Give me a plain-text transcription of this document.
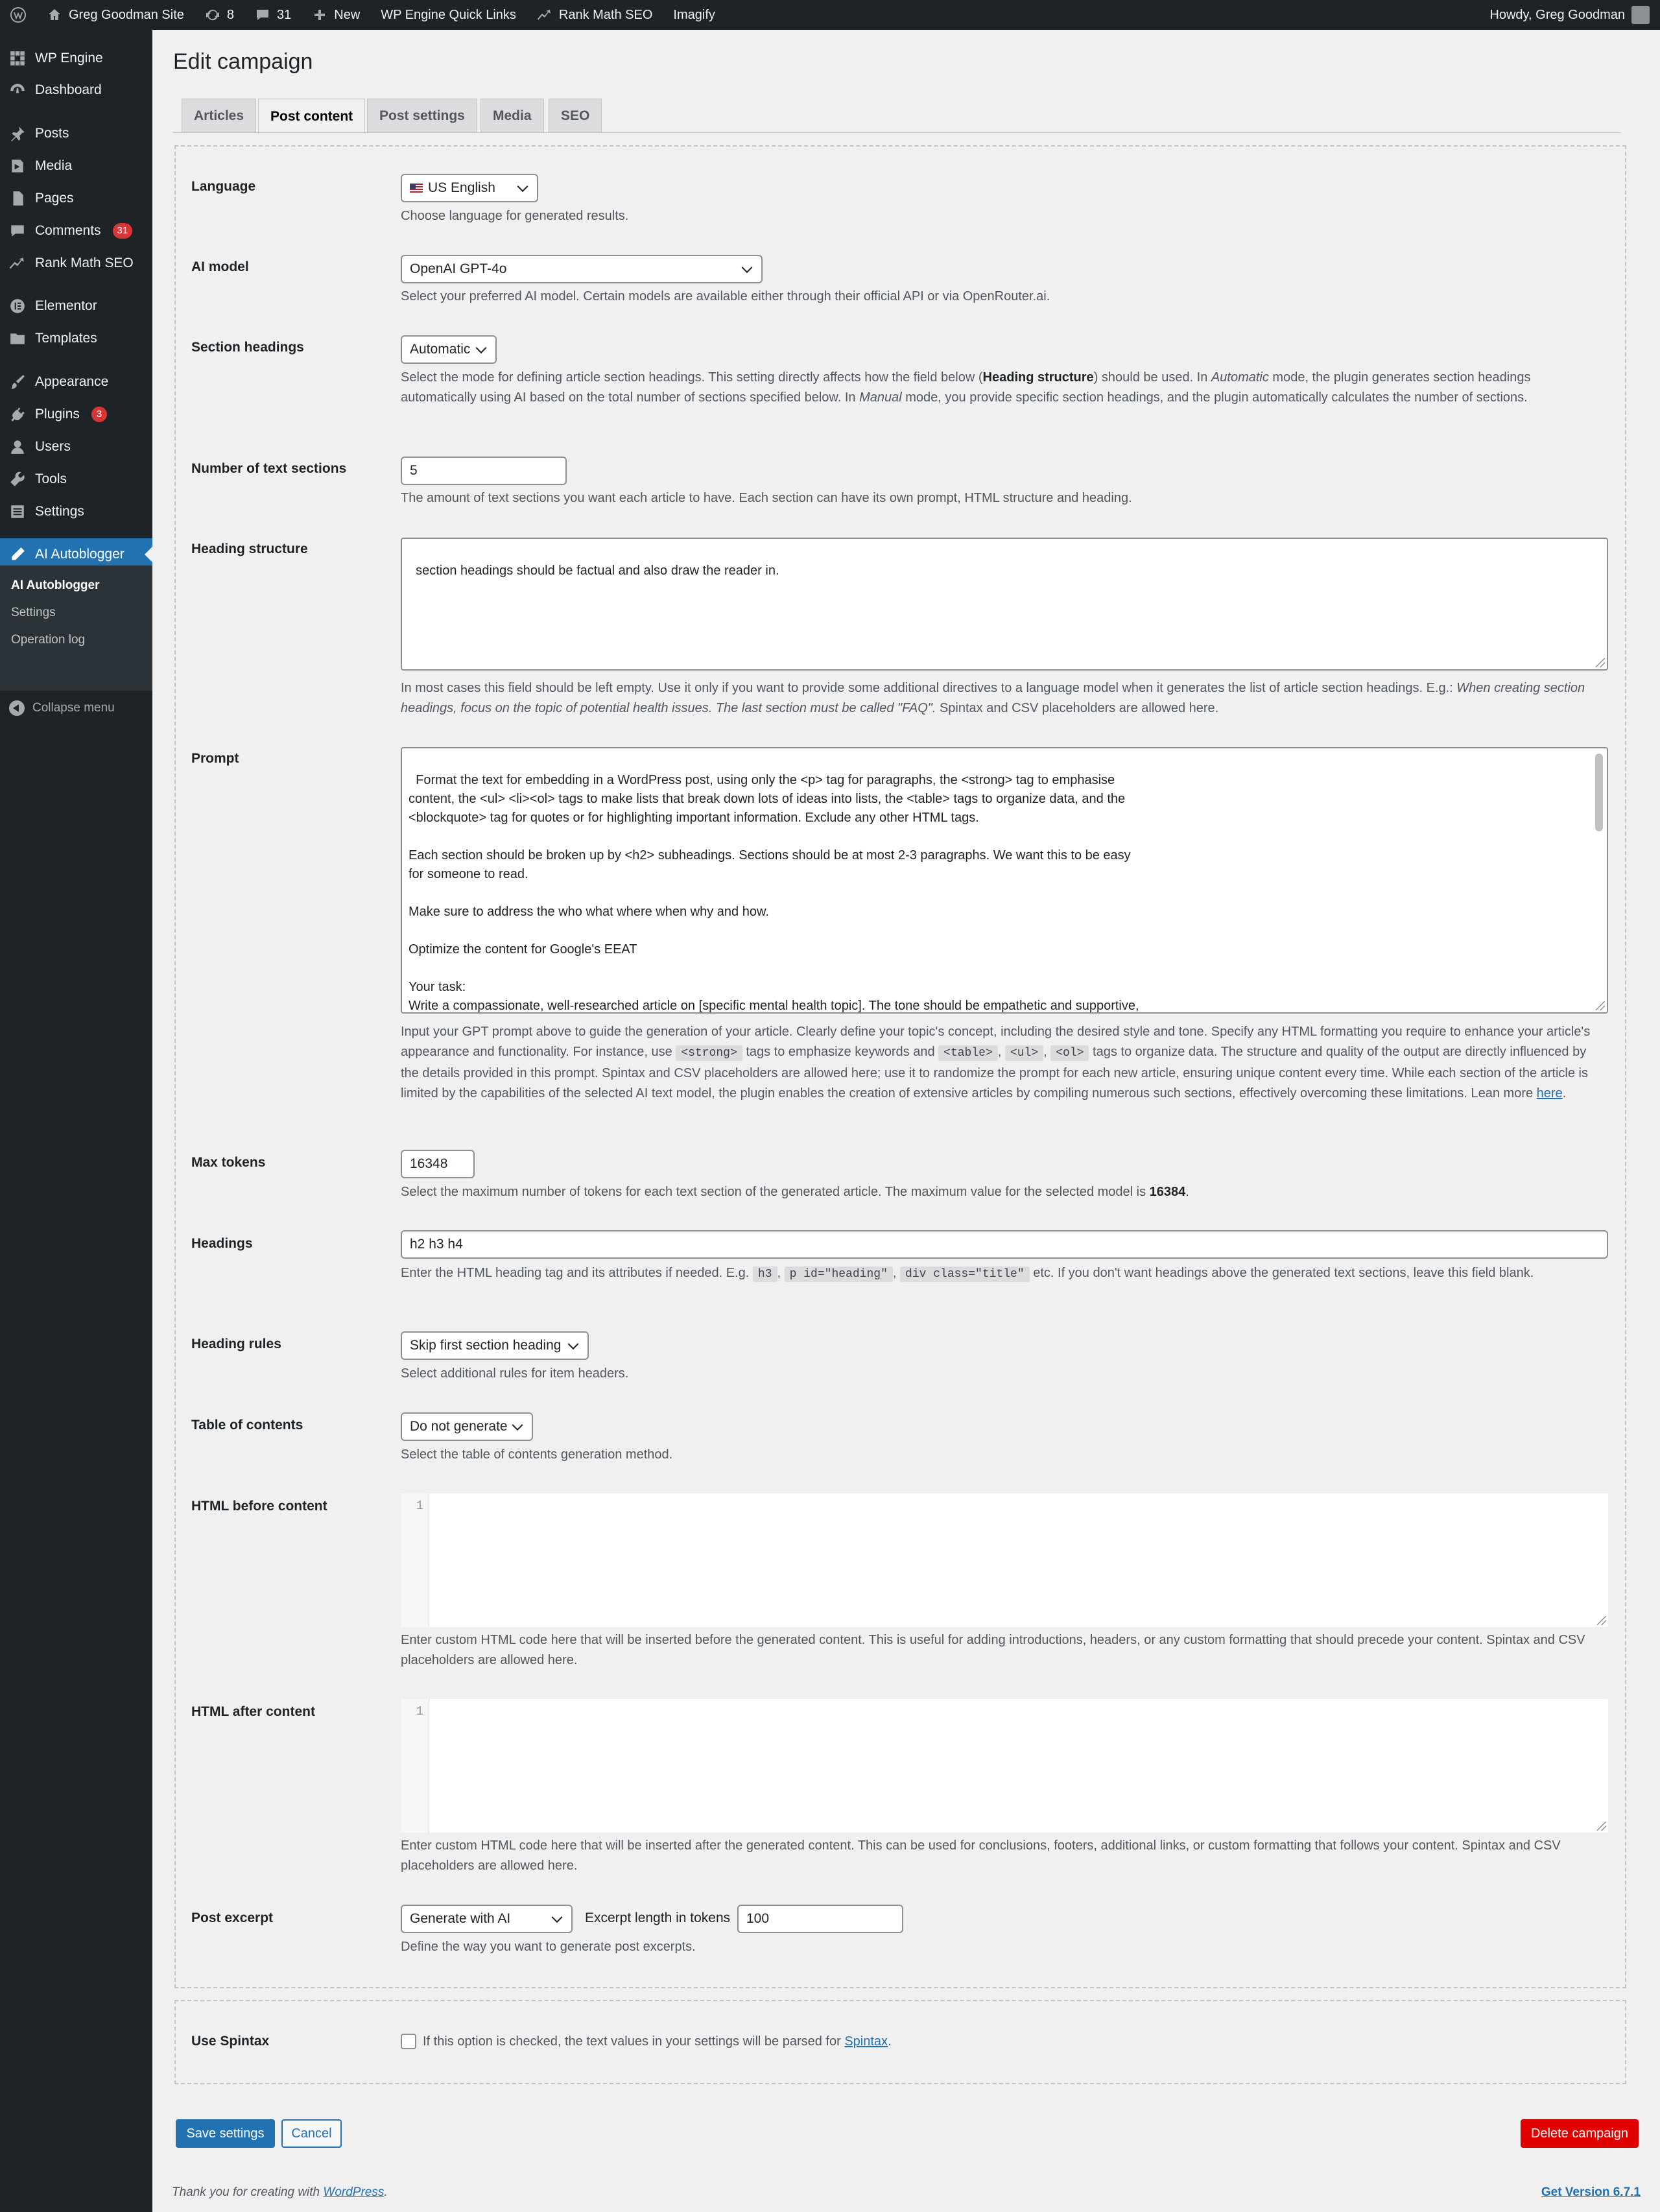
Greg Goodman Site	8	31	New WP Engine Quick Links	Rank Math SEO Imagify	Howdy, Greg Goodman
WP Engine
Dashboard
Posts
Media
Pages
Comments	31
Rank Math SEO
Elementor
Templates
Appearance
Plugins	3
Users
Tools
Settings
AI Autoblogger
AI Autoblogger
Settings
Operation log
Collapse menu
Edit campaign
Articles	Post content	Post settings	Media	SEO
Language	US English
Choose language for generated results.
AI model	OpenAI GPT-4o
Select your preferred AI model. Certain models are available either through their official API or via OpenRouter.ai.
Section headings	Automatic
Select the mode for defining article section headings. This setting directly affects how the field below (Heading structure) should be used. In Automatic mode, the plugin generates section headings automatically using AI based on the total number of sections specified below. In Manual mode, you provide specific section headings, and the plugin automatically calculates the number of sections.
Number of text sections	5
The amount of text sections you want each article to have. Each section can have its own prompt, HTML structure and heading.
Heading structure

section headings should be factual and also draw the reader in.

In most cases this field should be left empty. Use it only if you want to provide some additional directives to a language model when it generates the list of article section headings. E.g.: When creating section headings, focus on the topic of potential health issues. The last section must be called "FAQ". Spintax and CSV placeholders are allowed here.
Prompt

Format the text for embedding in a WordPress post, using only the <p> tag for paragraphs, the <strong> tag to emphasise
content, the <ul> <li><ol> tags to make lists that break down lots of ideas into lists, the <table> tags to organize data, and the
<blockquote> tag for quotes or for highlighting important information. Exclude any other HTML tags.

Each section should be broken up by <h2> subheadings. Sections should be at most 2-3 paragraphs. We want this to be easy
for someone to read.

Make sure to address the who what where when why and how.

Optimize the content for Google's EEAT

Your task:
Write a compassionate, well-researched article on [specific mental health topic]. The tone should be empathetic and supportive,

Input your GPT prompt above to guide the generation of your article. Clearly define your topic's concept, including the desired style and tone. Specify any HTML formatting you require to enhance your article's appearance and functionality. For instance, use <strong> tags to emphasize keywords and <table> , <ul> , <ol> tags to organize data. The structure and quality of the output are directly influenced by the details provided in this prompt. Spintax and CSV placeholders are allowed here; use it to randomize the prompt for each new article, ensuring unique content every time. While each section of the article is limited by the capabilities of the selected AI text model, the plugin enables the creation of extensive articles by compiling numerous such sections, effectively overcoming these limitations. Lean more here.
Max tokens	16348
Select the maximum number of tokens for each text section of the generated article. The maximum value for the selected model is 16384.
Headings	h2 h3 h4
Enter the HTML heading tag and its attributes if needed. E.g. h3 , p id="heading" , div class="title" etc. If you don't want headings above the generated text sections, leave this field blank.
Heading rules	Skip first section heading
Select additional rules for item headers.
Table of contents	Do not generate
Select the table of contents generation method.
HTML before content	1
Enter custom HTML code here that will be inserted before the generated content. This is useful for adding introductions, headers, or any custom formatting that should precede your content. Spintax and CSV placeholders are allowed here.
HTML after content	1
Enter custom HTML code here that will be inserted after the generated content. This can be used for conclusions, footers, additional links, or custom formatting that follows your content. Spintax and CSV placeholders are allowed here.
Post excerpt	Generate with AI	Excerpt length in tokens	100
Define the way you want to generate post excerpts.
Use Spintax	If this option is checked, the text values in your settings will be parsed for Spintax.
Save settings	Cancel	Delete campaign
Thank you for creating with WordPress.	Get Version 6.7.1
